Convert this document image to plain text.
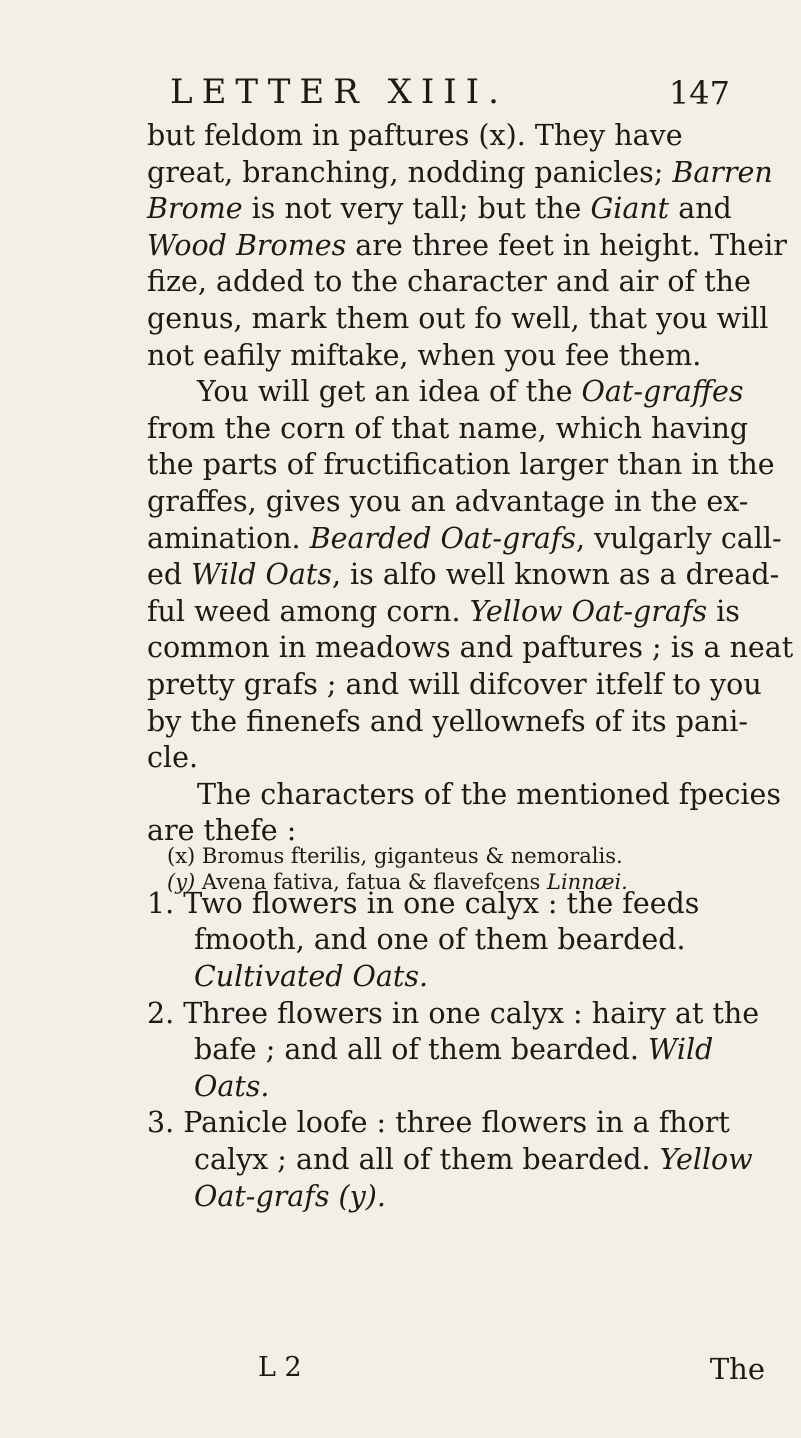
LETTER XIII.	147
but feldom in paftures (x). They have
great, branching, nodding panicles; Barren
Brome is not very tall; but the Giant and
Wood Bromes are three feet in height. Their
fize, added to the character and air of the
genus, mark them out fo well, that you will
not eafily miftake, when you fee them.
You will get an idea of the Oat-graffes
from the corn of that name, which having
the parts of fructification larger than in the
graffes, gives you an advantage in the ex-
amination. Bearded Oat-grafs, vulgarly call-
ed Wild Oats, is alfo well known as a dread-
ful weed among corn. Yellow Oat-grafs is
common in meadows and paftures ; is a neat
pretty grafs ; and will difcover itfelf to you
by the finenefs and yellownefs of its pani-
cle.
The characters of the mentioned fpecies
are thefe :
1. Two flowers in one calyx : the feeds
fmooth, and one of them bearded.
Cultivated Oats.
2. Three flowers in one calyx : hairy at the
bafe ; and all of them bearded. Wild
Oats.
3. Panicle loofe : three flowers in a fhort
calyx ; and all of them bearded. Yellow
Oat-grafs (y).
(x) Bromus fterilis, giganteus & nemoralis.
(y) Avena fativa, fatua & flavefcens Linnæi.
L 2	The
